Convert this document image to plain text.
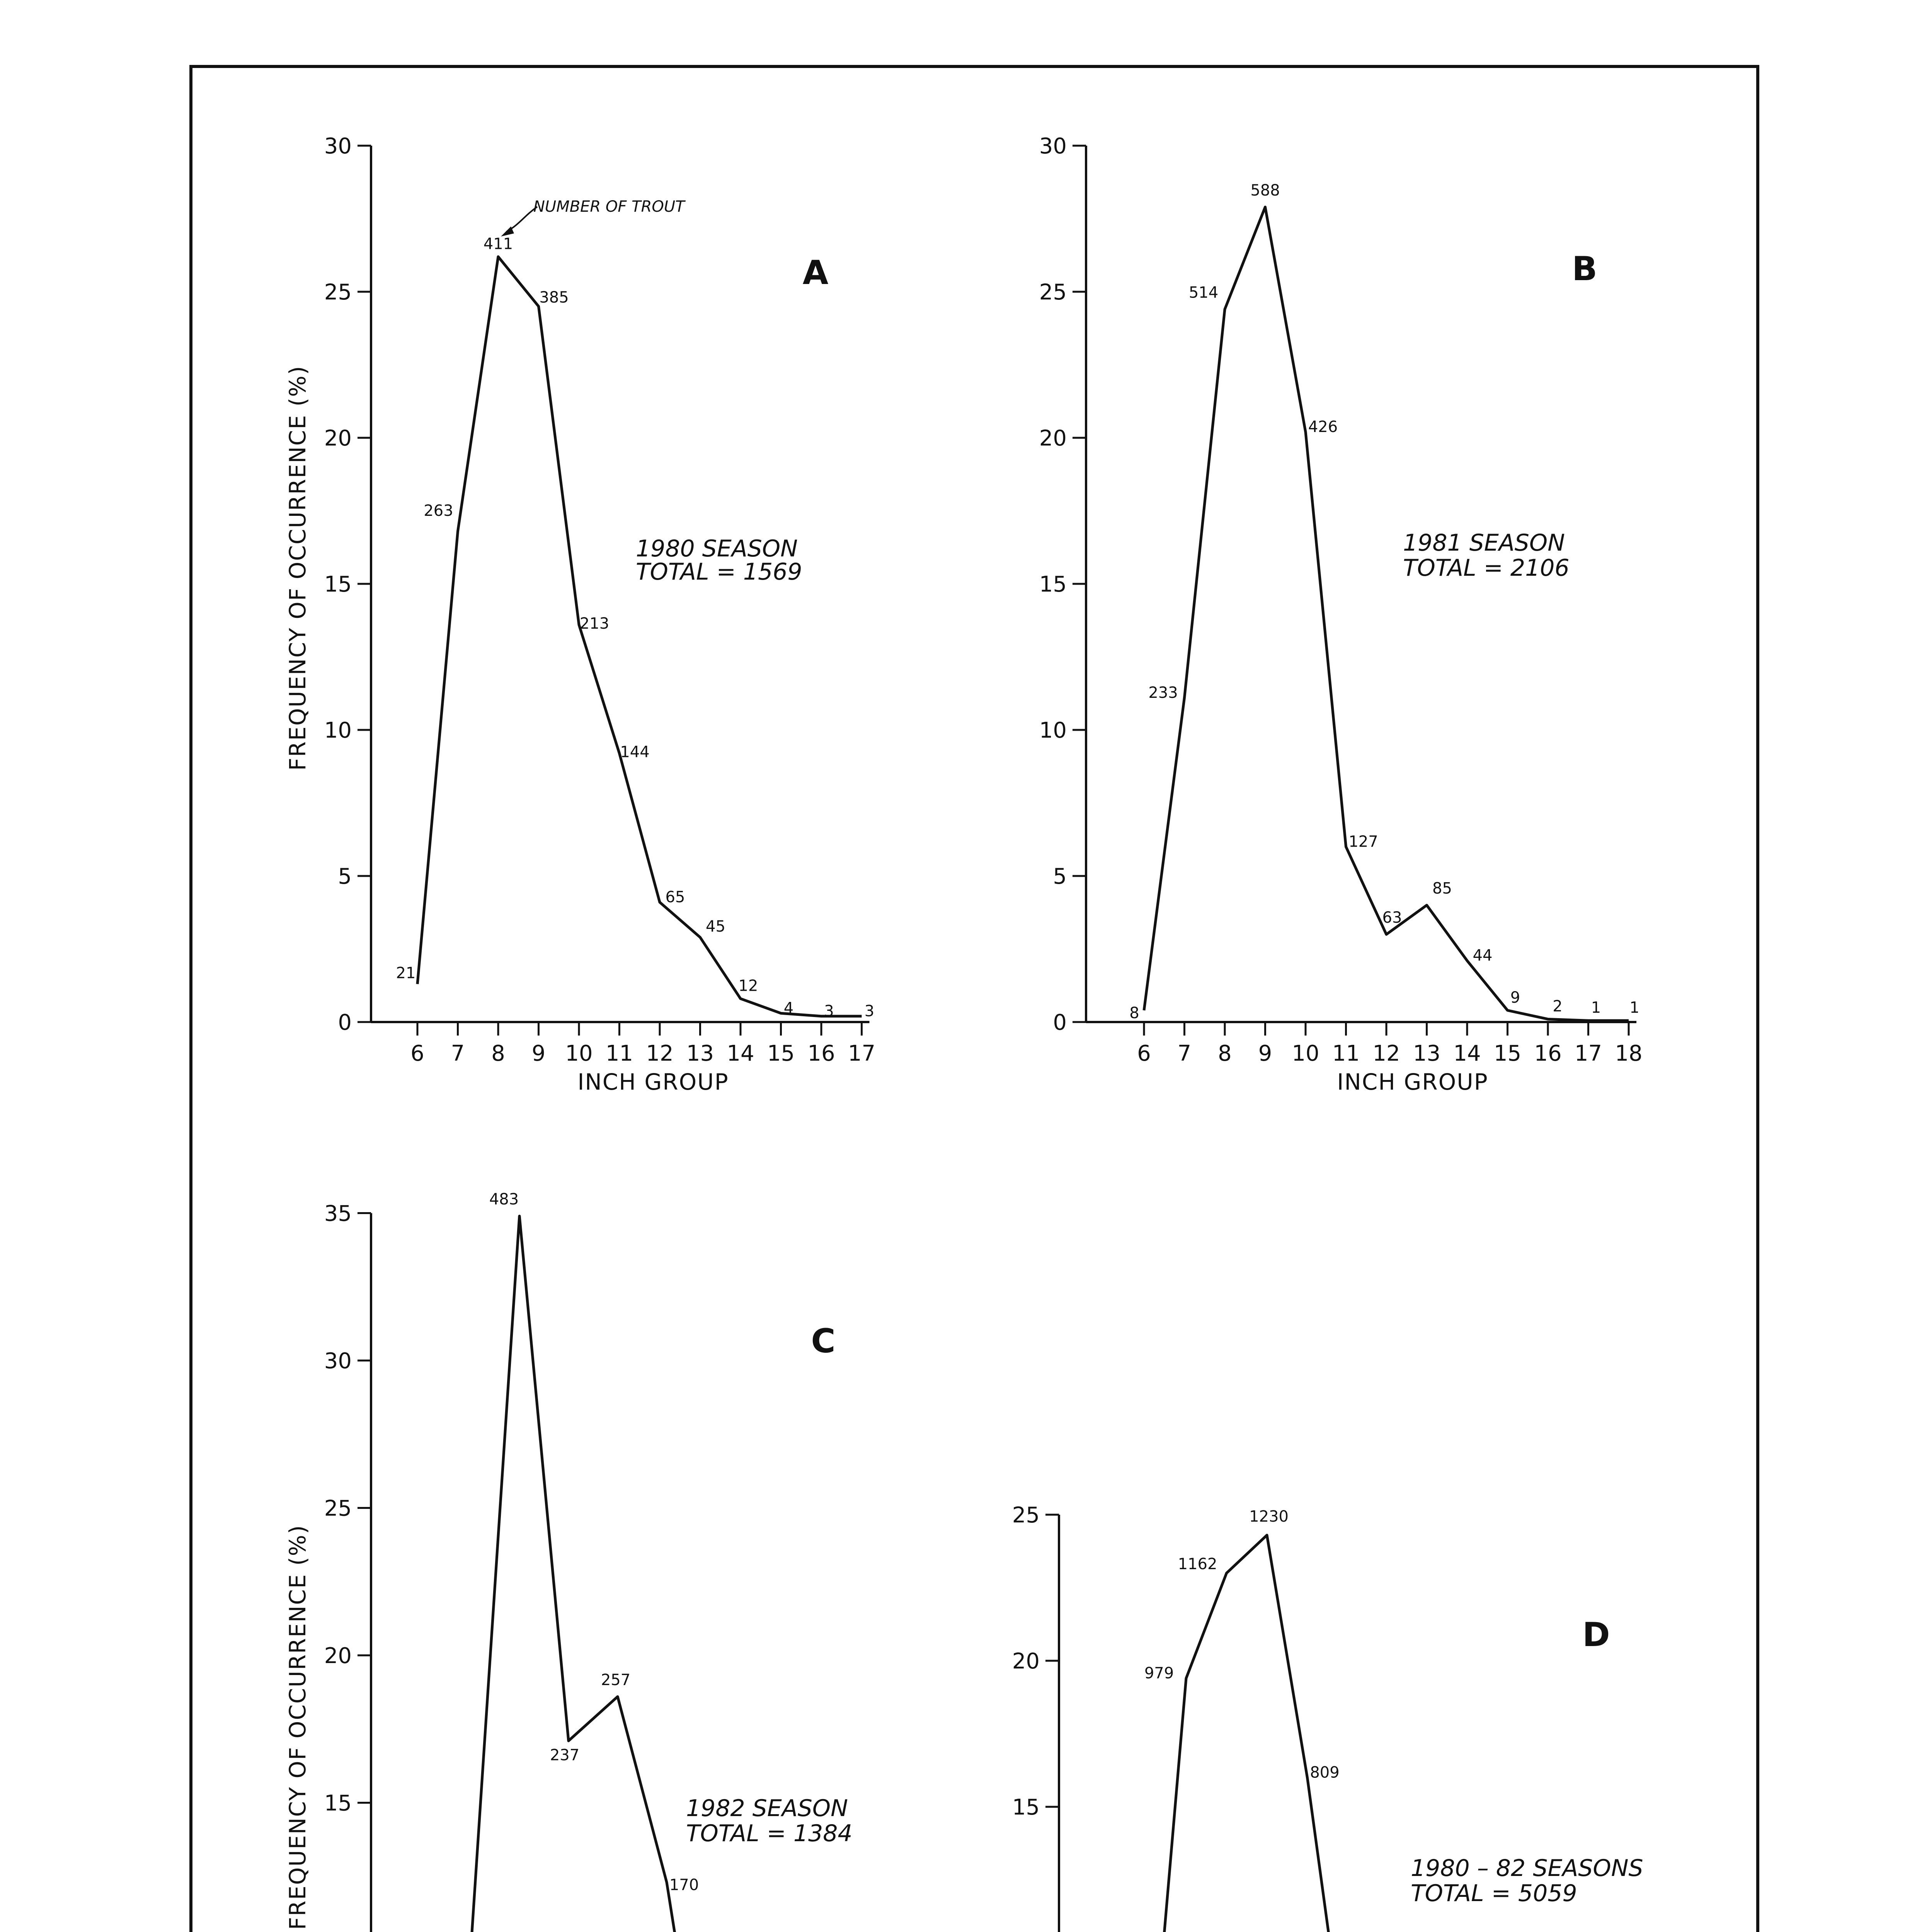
0
5
10
15
20
25
30
6 7 8 9 10 11 12 13 14 15 16 17
INCH GROUP
FREQUENCY OF OCCURRENCE (%)
21
263
411
385
213
144
65
45
12
4 3 3
A
1980 SEASON
TOTAL = 1569
NUMBER OF TROUT
0
5
10
15
20
25
30
6 7 8 9 10 11 12 13 14 15 16 17 18
INCH GROUP
8
233
514
588
426
127
63
85
44
9 2 1 1
B
1981 SEASON
TOTAL = 2106
15
20
25
30
35
FREQUENCY OF OCCURRENCE (%)
483
237
257
170
C
1982 SEASON
TOTAL = 1384
15
20
25
979
1162
1230
809
D
1980 – 82 SEASONS
TOTAL = 5059
